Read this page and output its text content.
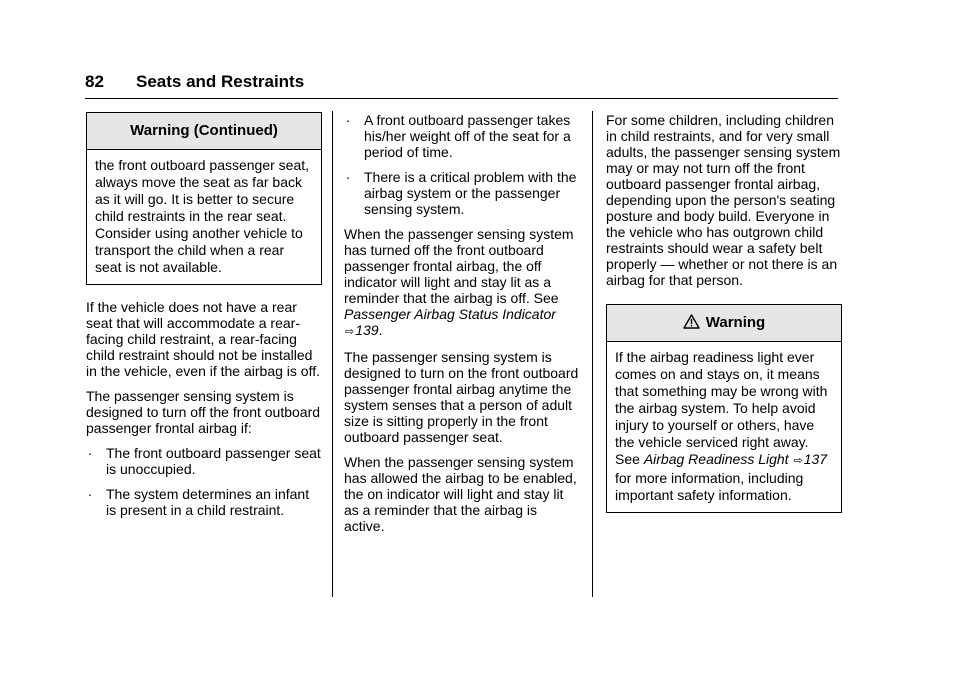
82 Seats and Restraints
Warning (Continued)

the front outboard passenger seat, always move the seat as far back as it will go. It is better to secure child restraints in the rear seat. Consider using another vehicle to transport the child when a rear seat is not available.

If the vehicle does not have a rear seat that will accommodate a rear-facing child restraint, a rear-facing child restraint should not be installed in the vehicle, even if the airbag is off.

The passenger sensing system is designed to turn off the front outboard passenger frontal airbag if:

. The front outboard passenger seat is unoccupied.
. The system determines an infant is present in a child restraint.
. A front outboard passenger takes his/her weight off of the seat for a period of time.
. There is a critical problem with the airbag system or the passenger sensing system.

When the passenger sensing system has turned off the front outboard passenger frontal airbag, the off indicator will light and stay lit as a reminder that the airbag is off. See Passenger Airbag Status Indicator ⇨139.

The passenger sensing system is designed to turn on the front outboard passenger frontal airbag anytime the system senses that a person of adult size is sitting properly in the front outboard passenger seat.

When the passenger sensing system has allowed the airbag to be enabled, the on indicator will light and stay lit as a reminder that the airbag is active.

For some children, including children in child restraints, and for very small adults, the passenger sensing system may or may not turn off the front outboard passenger frontal airbag, depending upon the person's seating posture and body build. Everyone in the vehicle who has outgrown child restraints should wear a safety belt properly — whether or not there is an airbag for that person.

Warning

If the airbag readiness light ever comes on and stays on, it means that something may be wrong with the airbag system. To help avoid injury to yourself or others, have the vehicle serviced right away. See Airbag Readiness Light ⇨137 for more information, including important safety information.
